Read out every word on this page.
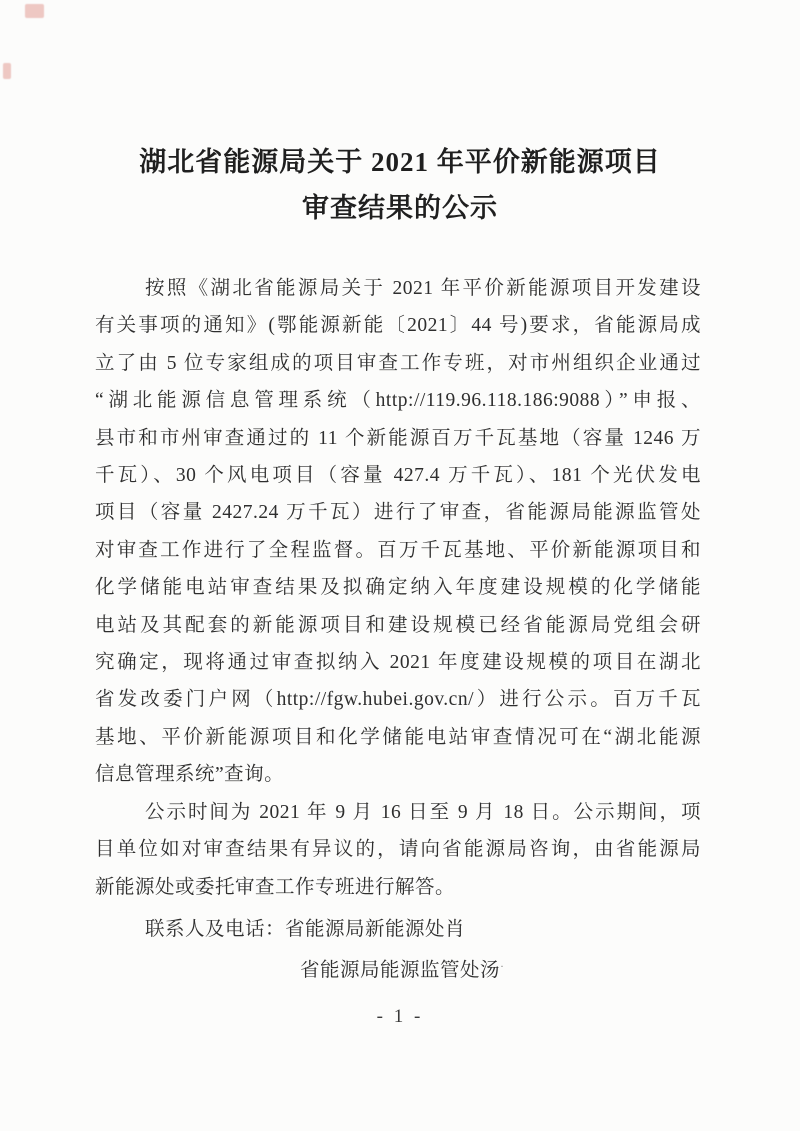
湖北省能源局关于 2021 年平价新能源项目
审查结果的公示
按照《湖北省能源局关于 2021 年平价新能源项目开发建设
有关事项的通知》(鄂能源新能〔2021〕44 号)要求，省能源局成
立了由 5 位专家组成的项目审查工作专班，对市州组织企业通过
“湖北能源信息管理系统（http://119.96.118.186:9088）”申报、
县市和市州审查通过的 11 个新能源百万千瓦基地（容量 1246 万
千瓦）、30 个风电项目（容量 427.4 万千瓦）、181 个光伏发电
项目（容量 2427.24 万千瓦）进行了审查，省能源局能源监管处
对审查工作进行了全程监督。百万千瓦基地、平价新能源项目和
化学储能电站审查结果及拟确定纳入年度建设规模的化学储能
电站及其配套的新能源项目和建设规模已经省能源局党组会研
究确定，现将通过审查拟纳入 2021 年度建设规模的项目在湖北
省发改委门户网（http://fgw.hubei.gov.cn/）进行公示。百万千瓦
基地、平价新能源项目和化学储能电站审查情况可在“湖北能源
信息管理系统”查询。
公示时间为 2021 年 9 月 16 日至 9 月 18 日。公示期间，项
目单位如对审查结果有异议的，请向省能源局咨询，由省能源局
新能源处或委托审查工作专班进行解答。
联系人及电话：省能源局新能源处肖
省能源局能源监管处汤·
- 1 -
